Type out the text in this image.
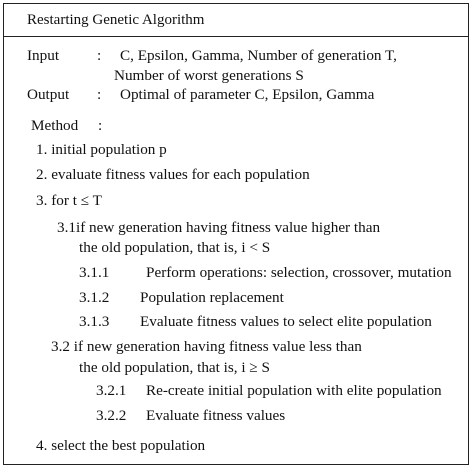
Restarting Genetic Algorithm
Input : C, Epsilon, Gamma, Number of generation T,
Number of worst generations S
Output : Optimal of parameter C, Epsilon, Gamma
Method :
1. initial population p
2. evaluate fitness values for each population
3. for t ≤ T
3.1if new generation having fitness value higher than
the old population, that is, i < S
3.1.1 Perform operations: selection, crossover, mutation
3.1.2 Population replacement
3.1.3 Evaluate fitness values to select elite population
3.2 if new generation having fitness value less than
the old population, that is, i ≥ S
3.2.1 Re-create initial population with elite population
3.2.2 Evaluate fitness values
4. select the best population
